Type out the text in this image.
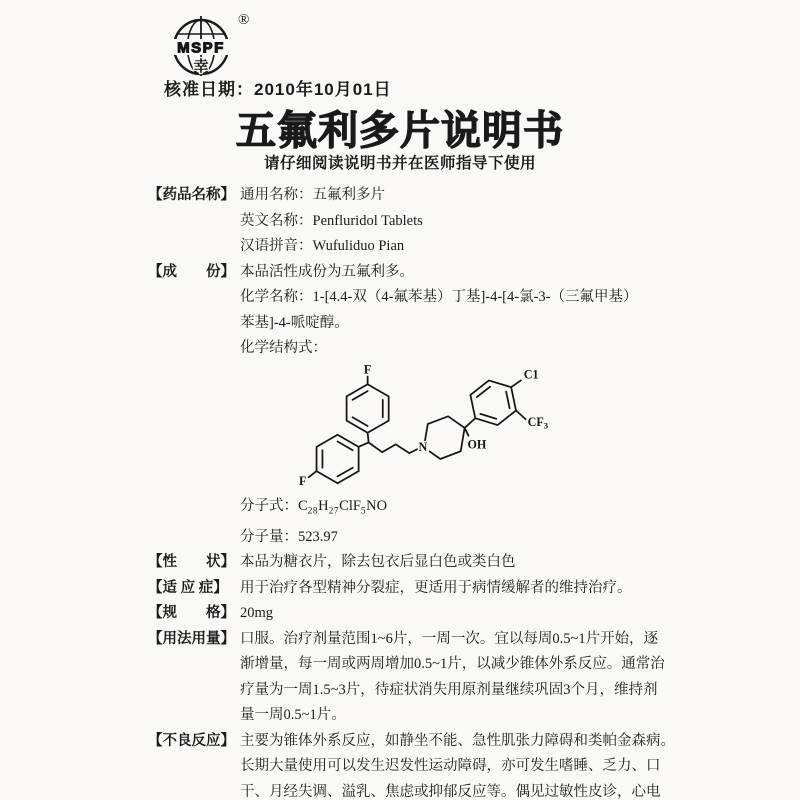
MSPF
幸
®
核准日期：2010年10月01日
五氟利多片说明书
请仔细阅读说明书并在医师指导下使用
【药品名称】 通用名称：五氟利多片
英文名称：Penfluridol Tablets
汉语拼音：Wufuliduo Pian
【成　　份】 本品活性成份为五氟利多。
化学名称：1-[4.4-双（4-氟苯基）丁基]-4-[4-氯-3-（三氟甲基）
苯基]-4-哌啶醇。
化学结构式：
F
F
N	OH
C1
$CF_3$
分子式：$C_{28}H_{27}ClF_5NO$
分子量：523.97
【性　　状】 本品为糖衣片，除去包衣后显白色或类白色
【适 应 症】 用于治疗各型精神分裂症，更适用于病情缓解者的维持治疗。
【规　　格】 20mg
【用法用量】 口服。治疗剂量范围1~6片，一周一次。宜以每周0.5~1片开始，逐
渐增量，每一周或两周增加0.5~1片，以减少锥体外系反应。通常治
疗量为一周1.5~3片，待症状消失用原剂量继续巩固3个月，维持剂
量一周0.5~1片。
【不良反应】 主要为锥体外系反应，如静坐不能、急性肌张力障碍和类帕金森病。
长期大量使用可以发生迟发性运动障碍，亦可发生嗜睡、乏力、口
干、月经失调、溢乳、焦虑或抑郁反应等。偶见过敏性皮诊，心电
